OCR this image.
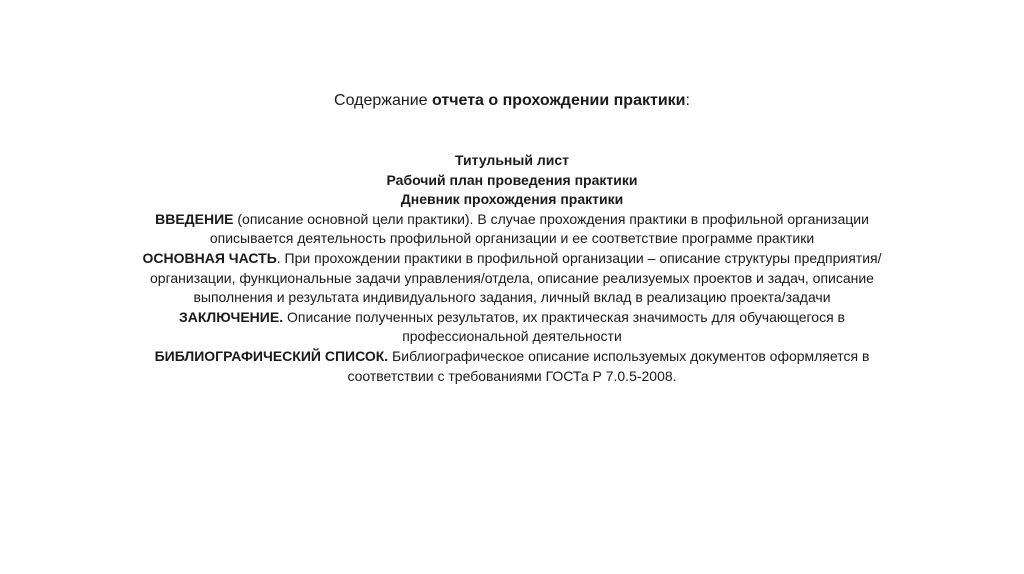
Содержание отчета о прохождении практики:

Титульный лист

Рабочий план проведения практики

Дневник прохождения практики

ВВЕДЕНИЕ (описание основной цели практики). В случае прохождения практики в профильной организации описывается деятельность профильной организации и ее соответствие программе практики

ОСНОВНАЯ ЧАСТЬ. При прохождении практики в профильной организации – описание структуры предприятия/организации, функциональные задачи управления/отдела, описание реализуемых проектов и задач, описание выполнения и результата индивидуального задания, личный вклад в реализацию проекта/задачи

ЗАКЛЮЧЕНИЕ. Описание полученных результатов, их практическая значимость для обучающегося в профессиональной деятельности

БИБЛИОГРАФИЧЕСКИЙ СПИСОК. Библиографическое описание используемых документов оформляется в соответствии с требованиями ГОСТа Р 7.0.5-2008.
